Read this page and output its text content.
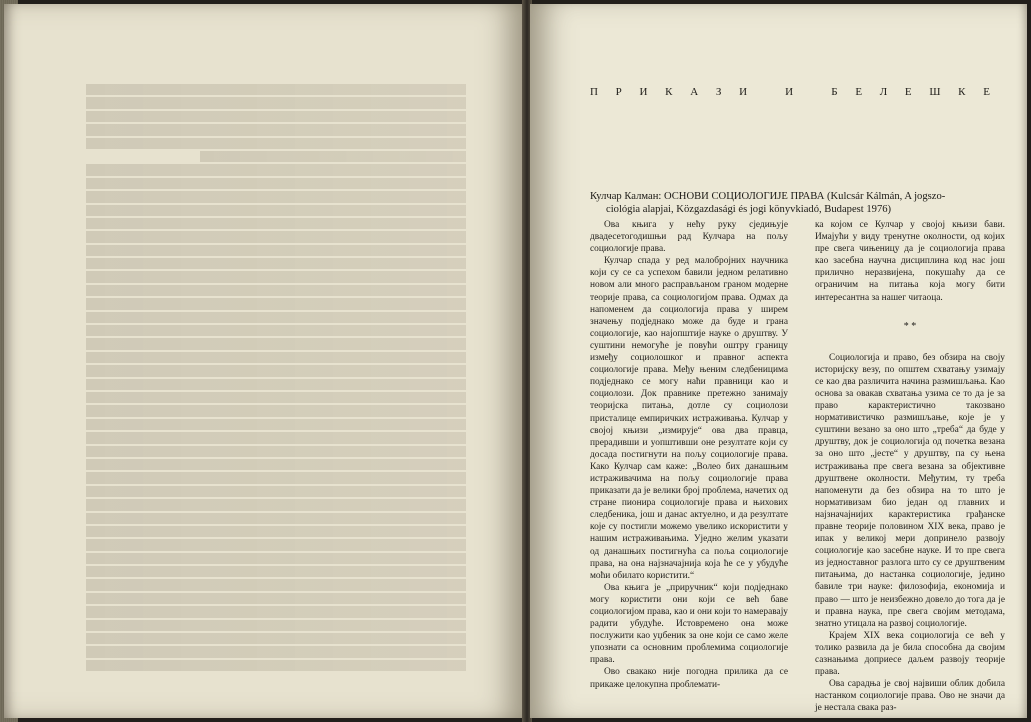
П Р И К А З И
	И
	Б Е Л Е Ш К Е
Кулчар Калман: ОСНОВИ СОЦИОЛОГИЈЕ ПРАВА (Kulcsár Kálmán, A jogszo-
ciológia alapjai, Közgazdasági és jogi könyvkiadó, Budapest 1976)

Ова књига у нећу руку сједињује двадесетогодишњи рад Кулчара на пољу социологије права.

Кулчар спада у ред малобројних научника који су се са успехом бавили једном релативно новом али много расправљаном граном модерне теорије права, са социологијом права. Одмах да напоменем да социологија права у ширем значењу подједнако може да буде и грана социологије, као најопштије науке о друштву. У суштини немогуће је повући оштру границу између социолошког и правног аспекта социологије права. Међу њеним следбеницима подједнако се могу наћи правници као и социолози. Док правнике претежно занимају теоријска питања, дотле су социолози присталице емпиричких истраживања. Кулчар у својој књизи „измирује“ ова два правца, прерадивши и уопштивши оне резултате који су досада постигнути на пољу социологије права. Како Кулчар сам каже: „Волео бих данашњим истраживачима на пољу социологије права приказати да је велики број проблема, начетих од стране пионира социологије права и њихових следбеника, још и данас актуелно, и да резултате које су постигли можемо увелико искористити у нашим истраживањима. Уједно желим указати од данашњих постигнућа са поља социологије права, на она најзначајнија која ће се у убудуће моћи обилато користити.“

Ова књига је „приручник“ који подједнако могу користити они који се већ баве социологијом права, као и они који то намеравају радити убудуће. Истовремено она може послужити као уџбеник за оне који се само желе упознати са основним проблемима социологије права.

Ово свакако није погодна прилика да се прикаже целокупна проблемати-

ка којом се Кулчар у својој књизи бави. Имајући у виду тренутне околности, од којих пре свега чињеницу да је социологија права као засебна научна дисциплина код нас још прилично неразвијена, покушаћу да се ограничим на питања која могу бити интересантна за нашег читаоца.

* *

Социологија и право, без обзира на своју историјску везу, по општем схватању узимају се као два различита начина размишљања. Као основа за овакав схватања узима се то да је за право карактеристично такозвано нормативистичко размишљање, које је у суштини везано за оно што „треба“ да буде у друштву, док је социологија од почетка везана за оно што „јесте“ у друштву, па су њена истраживања пре свега везана за објективне друштвене околности. Међутим, ту треба напоменути да без обзира на то што је нормативизам био један од главних и најзначајнијих карактеристика грађанске правне теорије половином XIX века, право је ипак у великој мери допринело развоју социологије као засебне науке. И то пре свега из једноставног разлога што су се друштвеним питањима, до настанка социологије, једино бавиле три науке: филозофија, економија и право — што је неизбежно довело до тога да је и правна наука, пре свега својим методама, знатно утицала на развој социологије.

Крајем XIX века социологија се већ у толико развила да је била способна да својим сазнањима доприесе даљем развоју теорије права.

Ова сарадња је свој највиши облик добила настанком социологије права. Ово не значи да је нестала свака раз-
